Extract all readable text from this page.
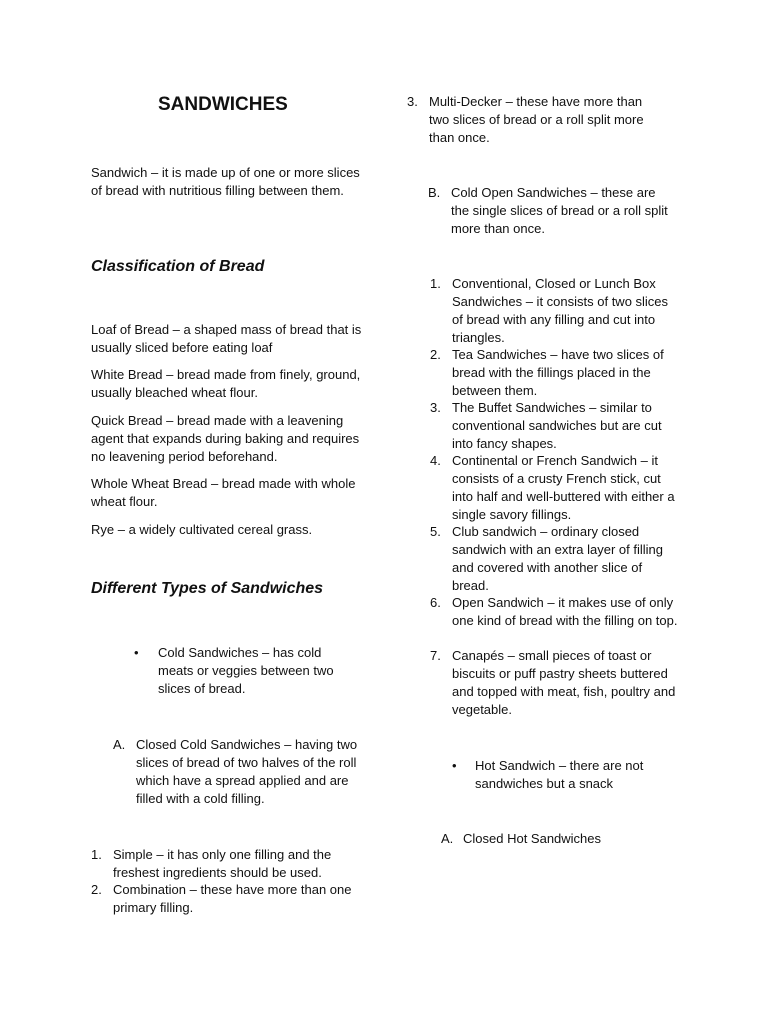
SANDWICHES

Sandwich – it is made up of one or more slices of bread with nutritious filling between them.

Classification of Bread

Loaf of Bread – a shaped mass of bread that is usually sliced before eating loaf

White Bread – bread made from finely, ground, usually bleached wheat flour.

Quick Bread – bread made with a leavening agent that expands during baking and requires no leavening period beforehand.

Whole Wheat Bread – bread made with whole wheat flour.

Rye – a widely cultivated cereal grass.

Different Types of Sandwiches
• Cold Sandwiches – has cold meats or veggies between two slices of bread.
A. Closed Cold Sandwiches – having two slices of bread of two halves of the roll which have a spread applied and are filled with a cold filling.
1. Simple – it has only one filling and the freshest ingredients should be used.
2. Combination – these have more than one primary filling.
3. Multi-Decker – these have more than two slices of bread or a roll split more than once.
B. Cold Open Sandwiches – these are the single slices of bread or a roll split more than once.
1. Conventional, Closed or Lunch Box Sandwiches – it consists of two slices of bread with any filling and cut into triangles.
2. Tea Sandwiches – have two slices of bread with the fillings placed in the between them.
3. The Buffet Sandwiches – similar to conventional sandwiches but are cut into fancy shapes.
4. Continental or French Sandwich – it consists of a crusty French stick, cut into half and well-buttered with either a single savory fillings.
5. Club sandwich – ordinary closed sandwich with an extra layer of filling and covered with another slice of bread.
6. Open Sandwich – it makes use of only one kind of bread with the filling on top.
7. Canapés – small pieces of toast or biscuits or puff pastry sheets buttered and topped with meat, fish, poultry and vegetable.
• Hot Sandwich – there are not sandwiches but a snack
A. Closed Hot Sandwiches
